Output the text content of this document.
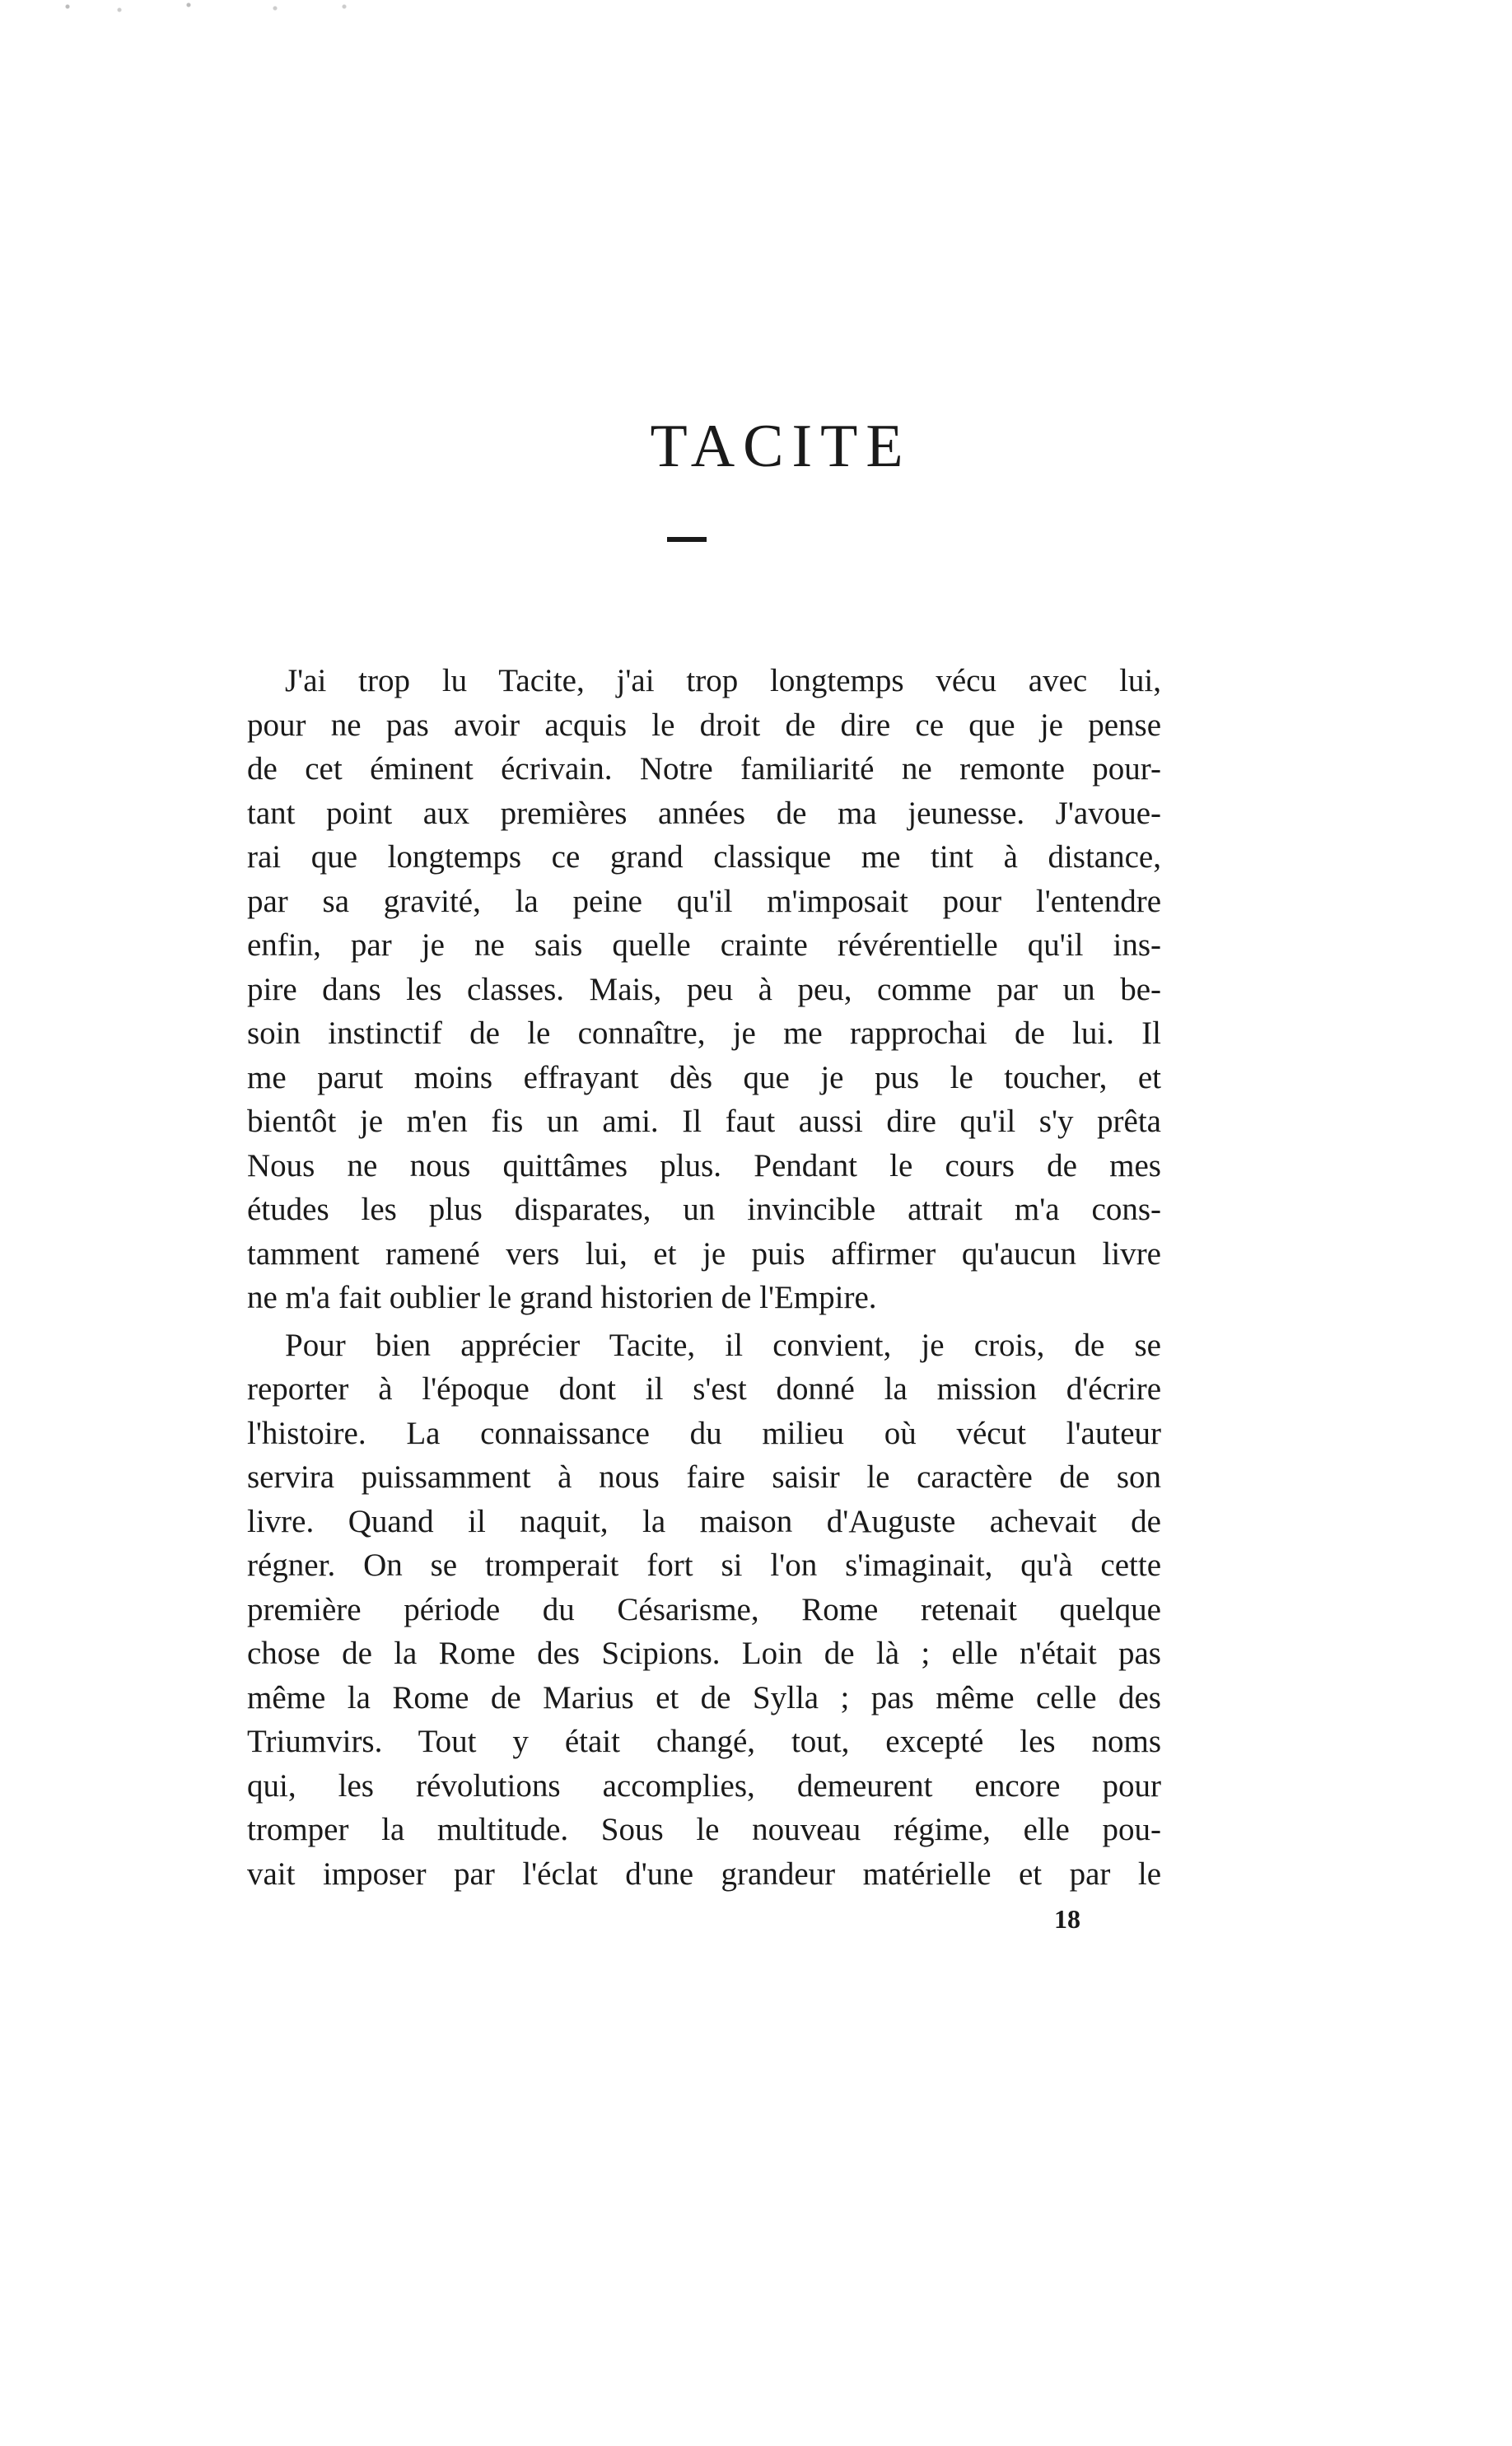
TACITE
J'ai trop lu Tacite, j'ai trop longtemps vécu avec lui,
pour ne pas avoir acquis le droit de dire ce que je pense
de cet éminent écrivain. Notre familiarité ne remonte pour-
tant point aux premières années de ma jeunesse. J'avoue-
rai que longtemps ce grand classique me tint à distance,
par sa gravité, la peine qu'il m'imposait pour l'entendre
enfin, par je ne sais quelle crainte révérentielle qu'il ins-
pire dans les classes. Mais, peu à peu, comme par un be-
soin instinctif de le connaître, je me rapprochai de lui. Il
me parut moins effrayant dès que je pus le toucher, et
bientôt je m'en fis un ami. Il faut aussi dire qu'il s'y prêta
Nous ne nous quittâmes plus. Pendant le cours de mes
études les plus disparates, un invincible attrait m'a cons-
tamment ramené vers lui, et je puis affirmer qu'aucun livre
ne m'a fait oublier le grand historien de l'Empire.
Pour bien apprécier Tacite, il convient, je crois, de se
reporter à l'époque dont il s'est donné la mission d'écrire
l'histoire. La connaissance du milieu où vécut l'auteur
servira puissamment à nous faire saisir le caractère de son
livre. Quand il naquit, la maison d'Auguste achevait de
régner. On se tromperait fort si l'on s'imaginait, qu'à cette
première période du Césarisme, Rome retenait quelque
chose de la Rome des Scipions. Loin de là ; elle n'était pas
même la Rome de Marius et de Sylla ; pas même celle des
Triumvirs. Tout y était changé, tout, excepté les noms
qui, les révolutions accomplies, demeurent encore pour
tromper la multitude. Sous le nouveau régime, elle pou-
vait imposer par l'éclat d'une grandeur matérielle et par le
18
